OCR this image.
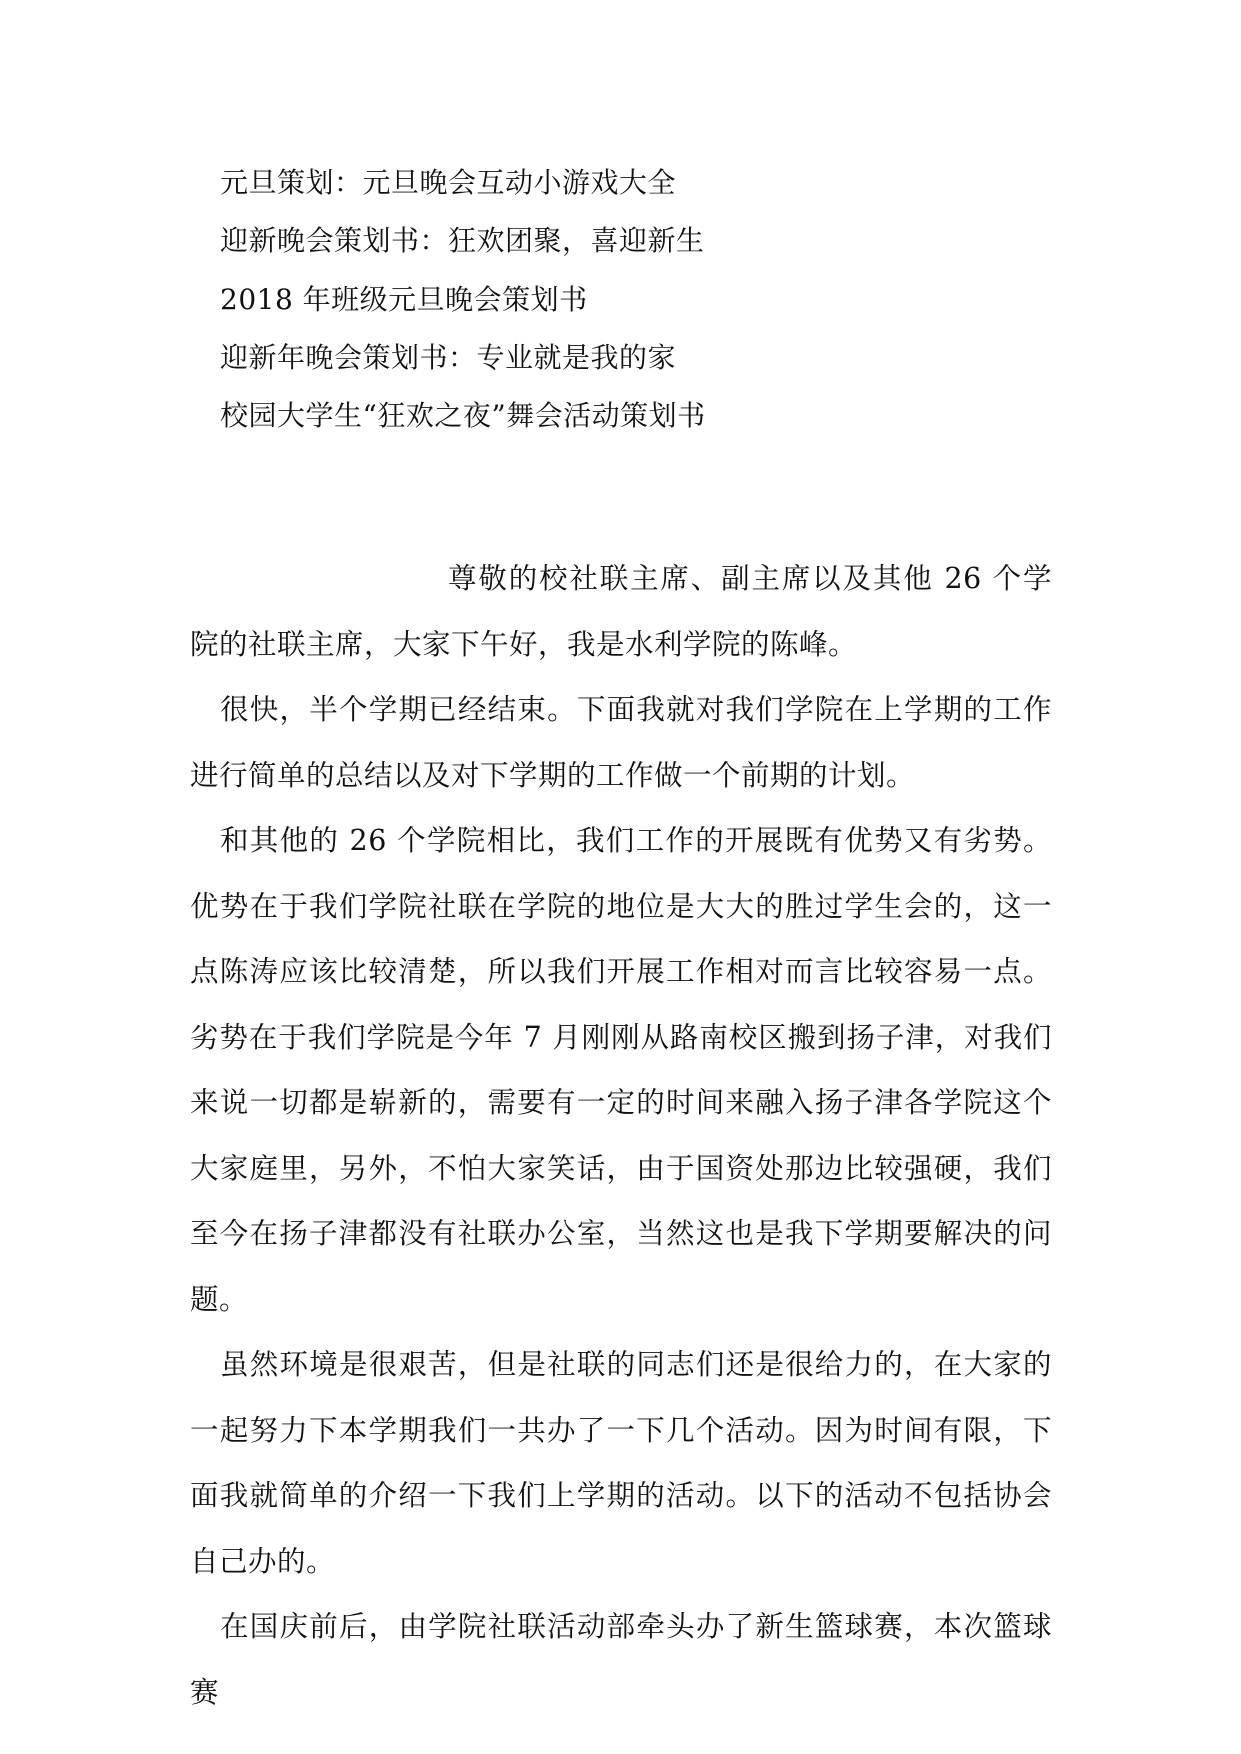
元旦策划：元旦晚会互动小游戏大全
迎新晚会策划书：狂欢团聚，喜迎新生
2018 年班级元旦晚会策划书
迎新年晚会策划书：专业就是我的家
校园大学生“狂欢之夜”舞会活动策划书

尊敬的校社联主席、副主席以及其他 26 个学院的社联主席，大家下午好，我是水利学院的陈峰。

很快，半个学期已经结束。下面我就对我们学院在上学期的工作进行简单的总结以及对下学期的工作做一个前期的计划。

和其他的 26 个学院相比，我们工作的开展既有优势又有劣势。优势在于我们学院社联在学院的地位是大大的胜过学生会的，这一点陈涛应该比较清楚，所以我们开展工作相对而言比较容易一点。劣势在于我们学院是今年 7 月刚刚从路南校区搬到扬子津，对我们来说一切都是崭新的，需要有一定的时间来融入扬子津各学院这个大家庭里，另外，不怕大家笑话，由于国资处那边比较强硬，我们至今在扬子津都没有社联办公室，当然这也是我下学期要解决的问题。

虽然环境是很艰苦，但是社联的同志们还是很给力的，在大家的一起努力下本学期我们一共办了一下几个活动。因为时间有限，下面我就简单的介绍一下我们上学期的活动。以下的活动不包括协会自己办的。

在国庆前后，由学院社联活动部牵头办了新生篮球赛，本次篮球赛
